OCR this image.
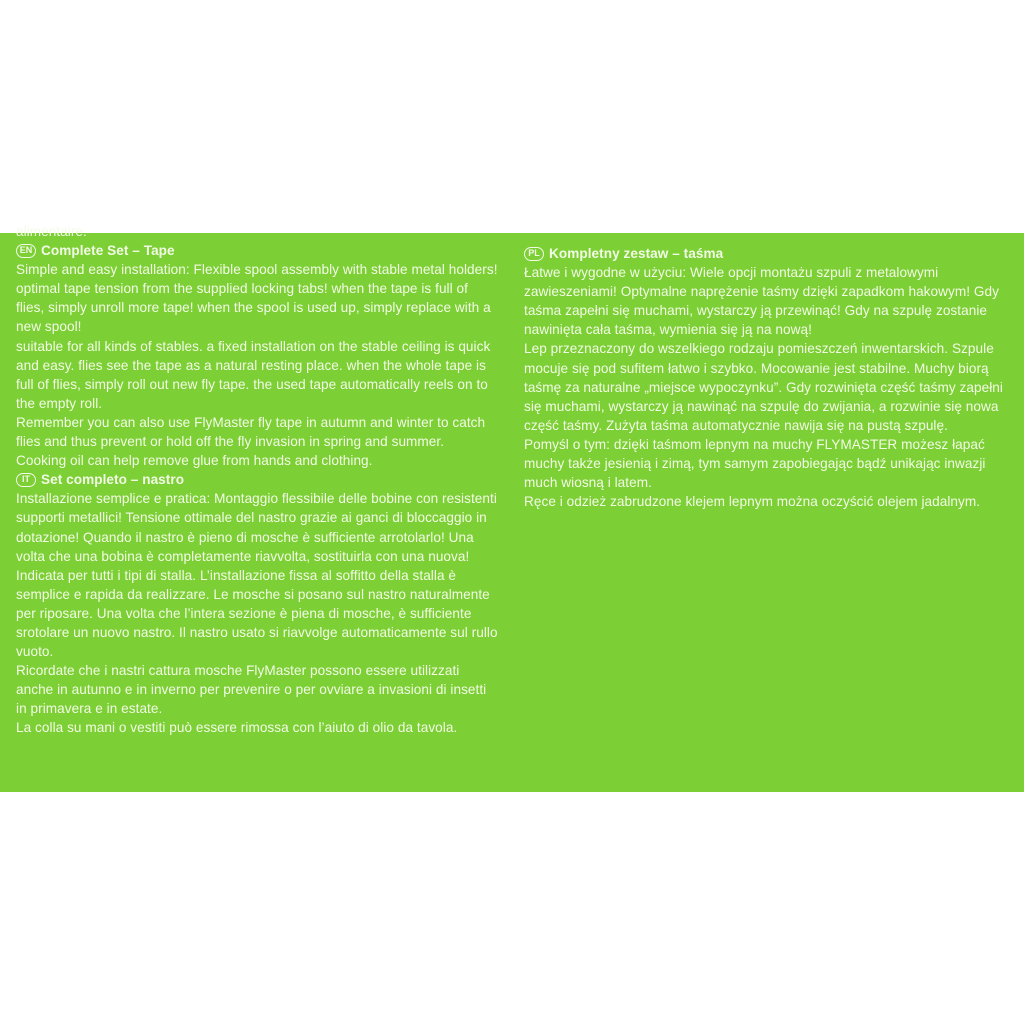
alimentaire.

EN Complete Set – Tape

Simple and easy installation: Flexible spool assembly with stable metal holders! optimal tape tension from the supplied locking tabs! when the tape is full of flies, simply unroll more tape! when the spool is used up, simply replace with a new spool!

suitable for all kinds of stables. a fixed installation on the stable ceiling is quick and easy. flies see the tape as a natural resting place. when the whole tape is full of flies, simply roll out new fly tape. the used tape automatically reels on to the empty roll.

Remember you can also use FlyMaster fly tape in autumn and winter to catch flies and thus prevent or hold off the fly invasion in spring and summer.

Cooking oil can help remove glue from hands and clothing.

IT Set completo – nastro

Installazione semplice e pratica: Montaggio flessibile delle bobine con resistenti supporti metallici! Tensione ottimale del nastro grazie ai ganci di bloccaggio in dotazione! Quando il nastro è pieno di mosche è sufficiente arrotolarlo! Una volta che una bobina è completamente riavvolta, sostituirla con una nuova!

Indicata per tutti i tipi di stalla. L’installazione fissa al soffitto della stalla è semplice e rapida da realizzare. Le mosche si posano sul nastro naturalmente per riposare. Una volta che l’intera sezione è piena di mosche, è sufficiente srotolare un nuovo nastro. Il nastro usato si riavvolge automaticamente sul rullo vuoto.

Ricordate che i nastri cattura mosche FlyMaster possono essere utilizzati anche in autunno e in inverno per prevenire o per ovviare a invasioni di insetti in primavera e in estate.

La colla su mani o vestiti può essere rimossa con l’aiuto di olio da tavola.

PL Kompletny zestaw – taśma

Łatwe i wygodne w użyciu: Wiele opcji montażu szpuli z metalowymi zawieszeniami! Optymalne naprężenie taśmy dzięki zapadkom hakowym! Gdy taśma zapełni się muchami, wystarczy ją przewinąć! Gdy na szpulę zostanie nawinięta cała taśma, wymienia się ją na nową!

Lep przeznaczony do wszelkiego rodzaju pomieszczeń inwentarskich. Szpule mocuje się pod sufitem łatwo i szybko. Mocowanie jest stabilne. Muchy biorą taśmę za naturalne „miejsce wypoczynku”. Gdy rozwinięta część taśmy zapełni się muchami, wystarczy ją nawinąć na szpulę do zwijania, a rozwinie się nowa część taśmy. Zużyta taśma automatycznie nawija się na pustą szpulę.

Pomyśl o tym: dzięki taśmom lepnym na muchy FLYMASTER możesz łapać muchy także jesienią i zimą, tym samym zapobiegając bądź unikając inwazji much wiosną i latem.

Ręce i odzież zabrudzone klejem lepnym można oczyścić olejem jadalnym.
